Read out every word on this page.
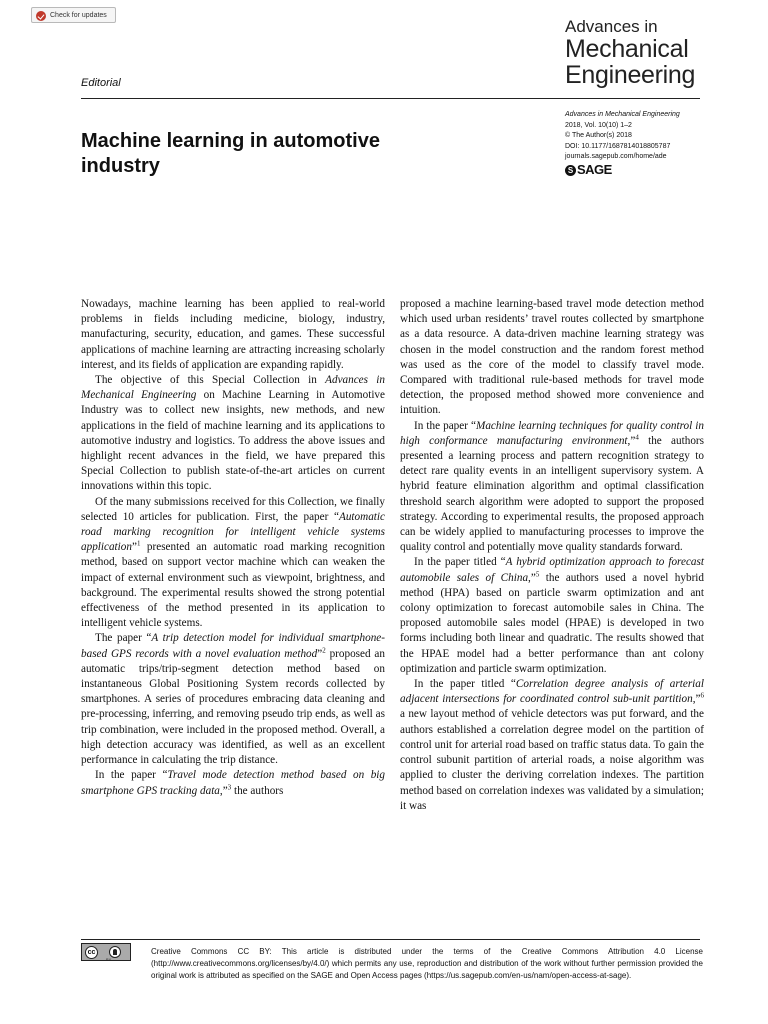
Check for updates
Advances in
Mechanical
Engineering
Editorial
Advances in Mechanical Engineering
2018, Vol. 10(10) 1–2
© The Author(s) 2018
DOI: 10.1177/1687814018805787
journals.sagepub.com/home/ade
S SAGE
Machine learning in automotive industry

Nowadays, machine learning has been applied to real-world problems in fields including medicine, biology, industry, manufacturing, security, education, and games. These successful applications of machine learning are attracting increasing scholarly interest, and its fields of application are expanding rapidly.

The objective of this Special Collection in Advances in Mechanical Engineering on Machine Learning in Automotive Industry was to collect new insights, new methods, and new applications in the field of machine learning and its applications to automotive industry and logistics. To address the above issues and highlight recent advances in the field, we have prepared this Special Collection to publish state-of-the-art articles on current innovations within this topic.

Of the many submissions received for this Collection, we finally selected 10 articles for publication. First, the paper “Automatic road marking recognition for intelligent vehicle systems application”$^1$ presented an automatic road marking recognition method, based on support vector machine which can weaken the impact of external environment such as viewpoint, brightness, and background. The experimental results showed the strong potential effectiveness of the method presented in its application to intelligent vehicle systems.

The paper “A trip detection model for individual smartphone-based GPS records with a novel evaluation method”$^2$ proposed an automatic trips/trip-segment detection method based on instantaneous Global Positioning System records collected by smartphones. A series of procedures embracing data cleaning and pre-processing, inferring, and removing pseudo trip ends, as well as trip combination, were included in the proposed method. Overall, a high detection accuracy was identified, as well as an excellent performance in calculating the trip distance.

In the paper “Travel mode detection method based on big smartphone GPS tracking data,”$^3$ the authors

proposed a machine learning-based travel mode detection method which used urban residents’ travel routes collected by smartphone as a data resource. A data-driven machine learning strategy was chosen in the model construction and the random forest method was used as the core of the model to classify travel mode. Compared with traditional rule-based methods for travel mode detection, the proposed method showed more convenience and intuition.

In the paper “Machine learning techniques for quality control in high conformance manufacturing environment,”$^4$ the authors presented a learning process and pattern recognition strategy to detect rare quality events in an intelligent supervisory system. A hybrid feature elimination algorithm and optimal classification threshold search algorithm were adopted to support the proposed strategy. According to experimental results, the proposed approach can be widely applied to manufacturing processes to improve the quality control and potentially move quality standards forward.

In the paper titled “A hybrid optimization approach to forecast automobile sales of China,”$^5$ the authors used a novel hybrid method (HPA) based on particle swarm optimization and ant colony optimization to forecast automobile sales in China. The proposed automobile sales model (HPAE) is developed in two forms including both linear and quadratic. The results showed that the HPAE model had a better performance than ant colony optimization and particle swarm optimization.

In the paper titled “Correlation degree analysis of arterial adjacent intersections for coordinated control sub-unit partition,”$^6$ a new layout method of vehicle detectors was put forward, and the authors established a correlation degree model on the partition of control unit for arterial road based on traffic status data. To gain the control subunit partition of arterial roads, a noise algorithm was applied to cluster the deriving correlation indexes. The partition method based on correlation indexes was validated by a simulation; it was

cc
BY
Creative Commons CC BY: This article is distributed under the terms of the Creative Commons Attribution 4.0 License (http://www.creativecommons.org/licenses/by/4.0/) which permits any use, reproduction and distribution of the work without further permission provided the original work is attributed as specified on the SAGE and Open Access pages (https://us.sagepub.com/en-us/nam/open-access-at-sage).
